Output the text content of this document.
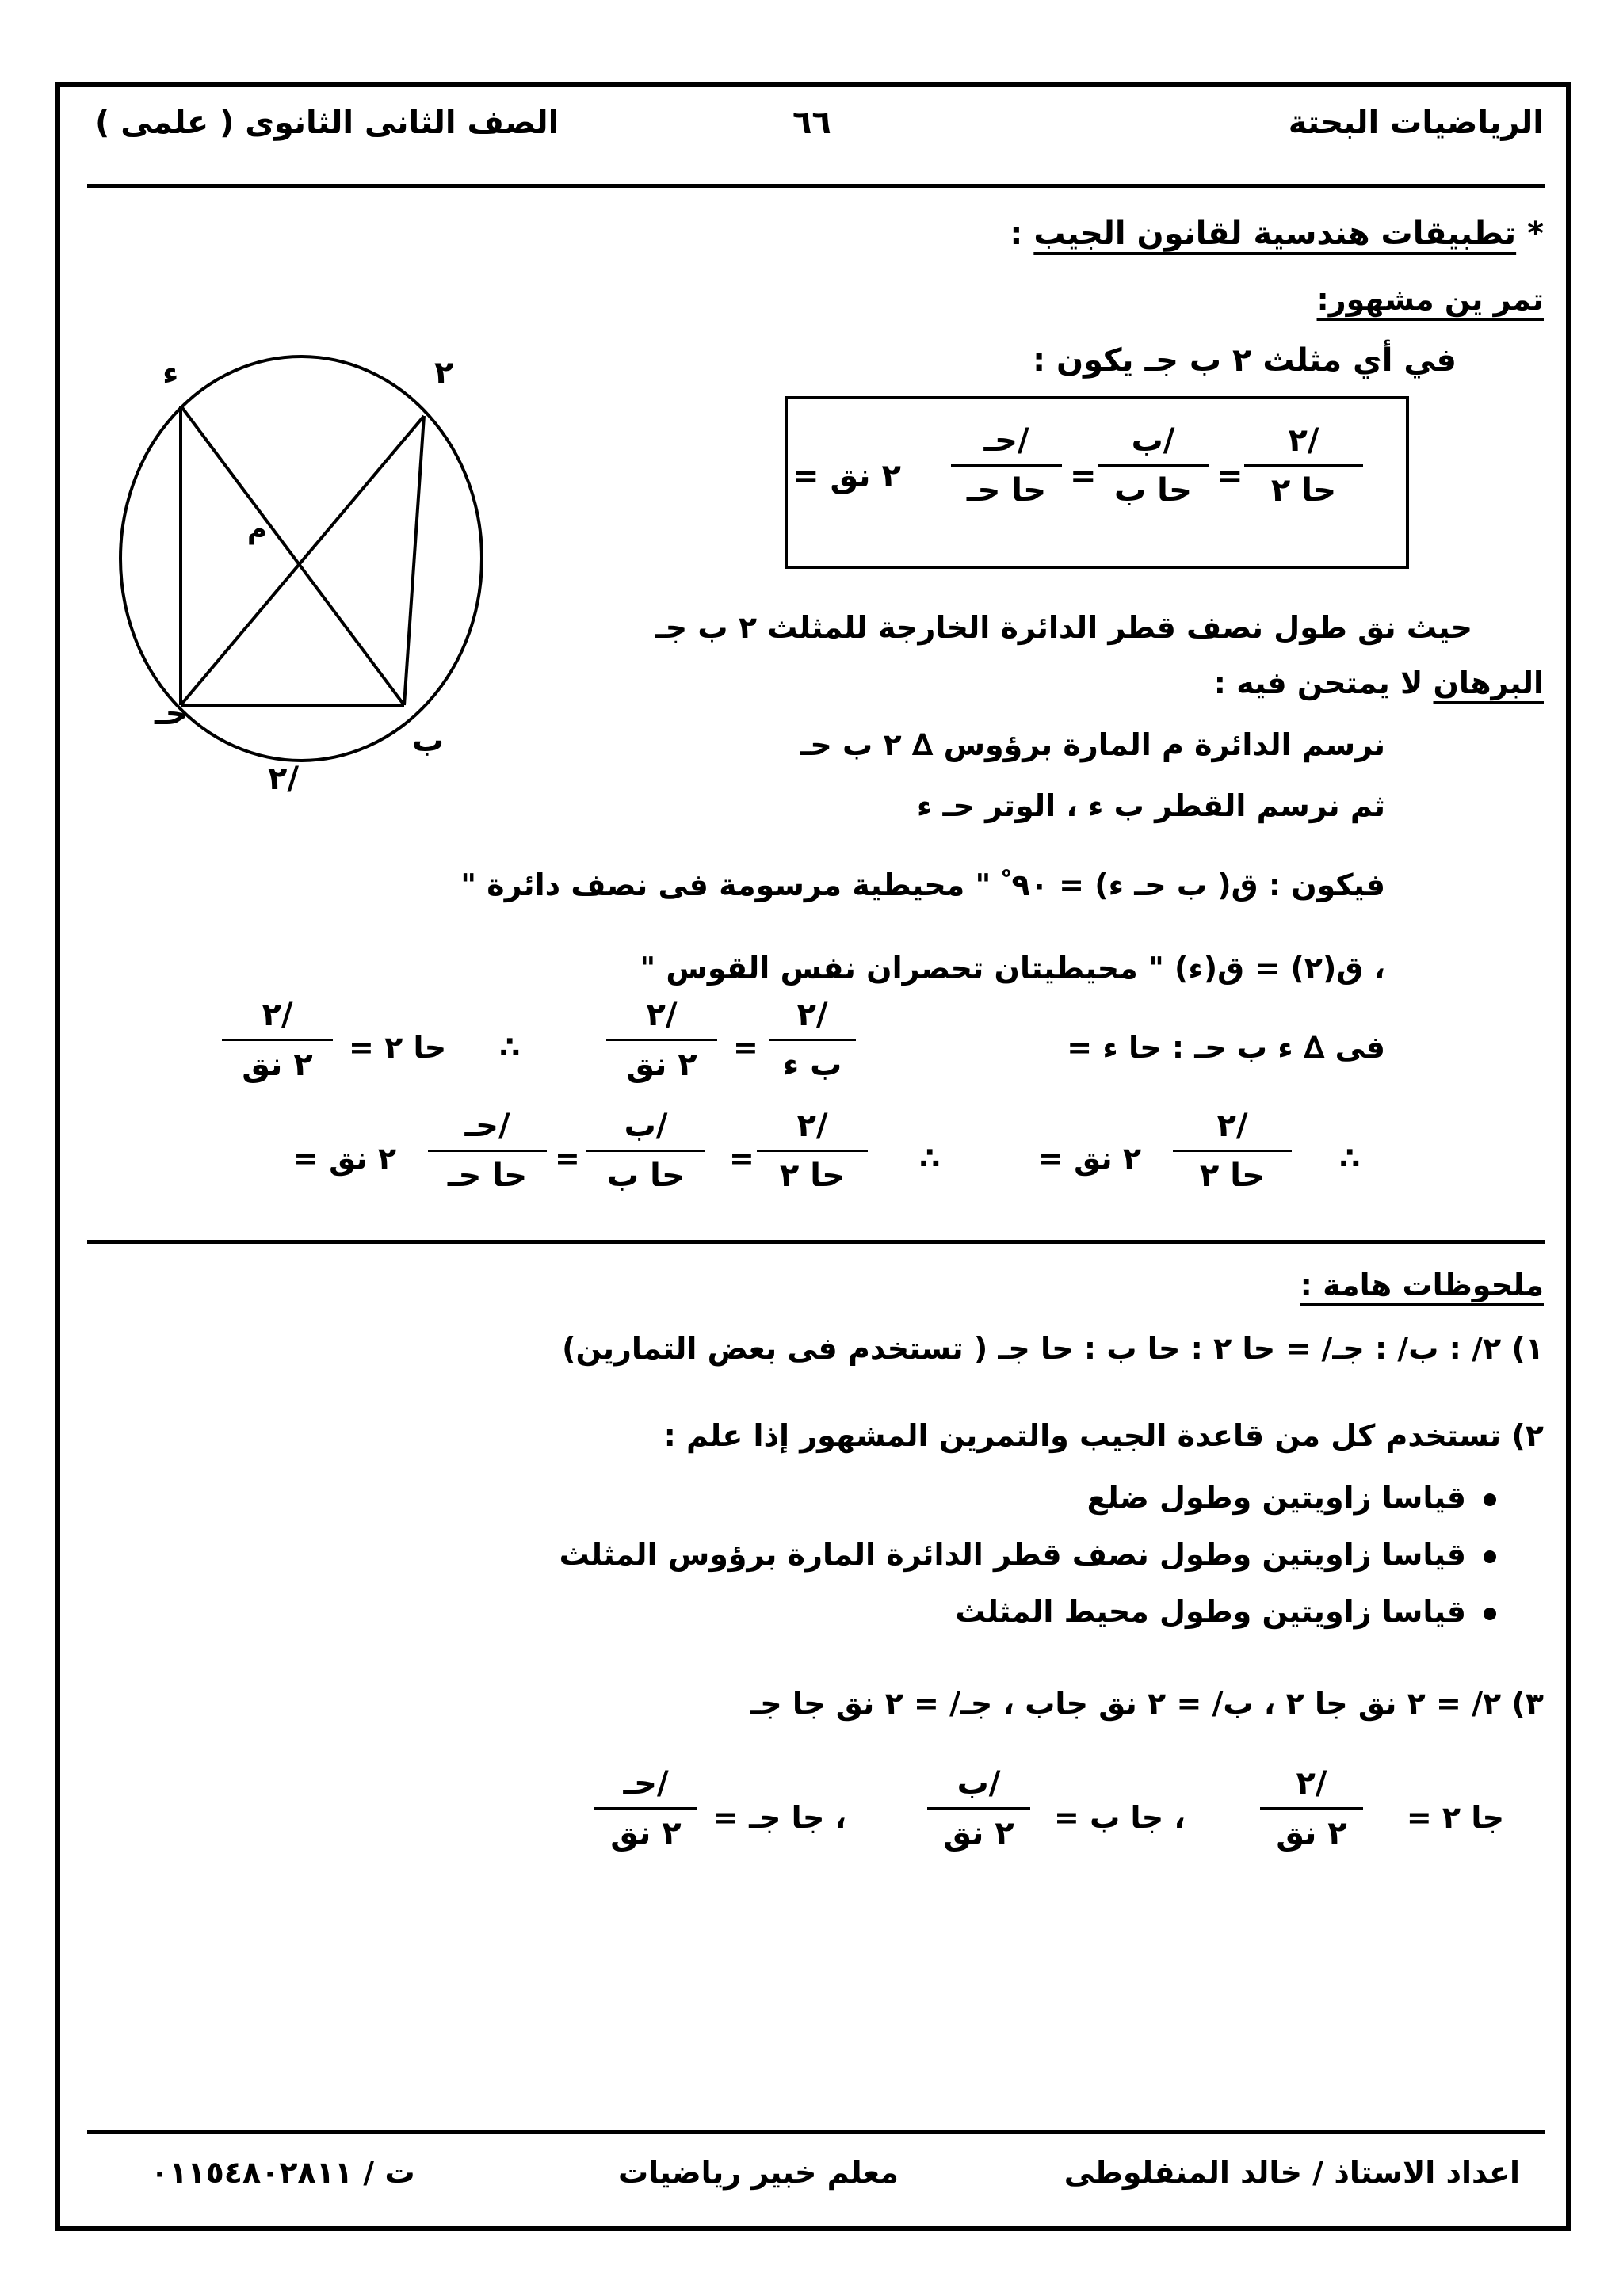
الرياضيات البحتة
٦٦
الصف الثانى الثانوى ( علمى )
* تطبيقات هندسية لقانون الجيب :
تمر ين مشهور:
في أي مثلث ٢ ب جـ يكون :
= ٢ نق
حـ/
حا حـ =
ب/
حا ب =
٢/
حا ٢
حيث نق طول نصف قطر الدائرة الخارجة للمثلث ٢ ب جـ
ء	٢
م
حـ
ب
٢/
البرهان لا يمتحن فيه :
نرسم الدائرة م المارة برؤوس ∆ ٢ ب حـ
ثم نرسم القطر ب ء ، الوتر حـ ء
فيكون : ق( ب حـ ء) = ٩٠ ْ " محيطية مرسومة فى نصف دائرة "
، ق(٢) = ق(ء) " محيطيتان تحصران نفس القوس "
فى ∆ ء ب حـ : حا ء =
٢/
ب ء
=
٢/
٢ نق
∴
حا ٢ =
٢/
٢ نق
∴
٢/
حا ٢
= ٢ نق
∴
٢/
حا ٢
=
ب/
حا ب
=
حـ/
حا حـ
= ٢ نق
ملحوظات هامة :
١) ٢/ : ب/ : جـ/ = حا ٢ : حا ب : حا جـ ( تستخدم فى بعض التمارين)
٢) تستخدم كل من قاعدة الجيب والتمرين المشهور إذا علم :
قياسا زاويتين وطول ضلع
قياسا زاويتين وطول نصف قطر الدائرة المارة برؤوس المثلث
قياسا زاويتين وطول محيط المثلث
٣) ٢/ = ٢ نق جا ٢ ، ب/ = ٢ نق جاب ، جـ/ = ٢ نق جا جـ
جا ٢ =
٢/
٢ نق
، جا ب =
ب/
٢ نق
، جا جـ =
حـ/
٢ نق
اعداد الاستاذ / خالد المنفلوطى
معلم خبير رياضيات
ت / ٠١١٥٤٨٠٢٨١١
